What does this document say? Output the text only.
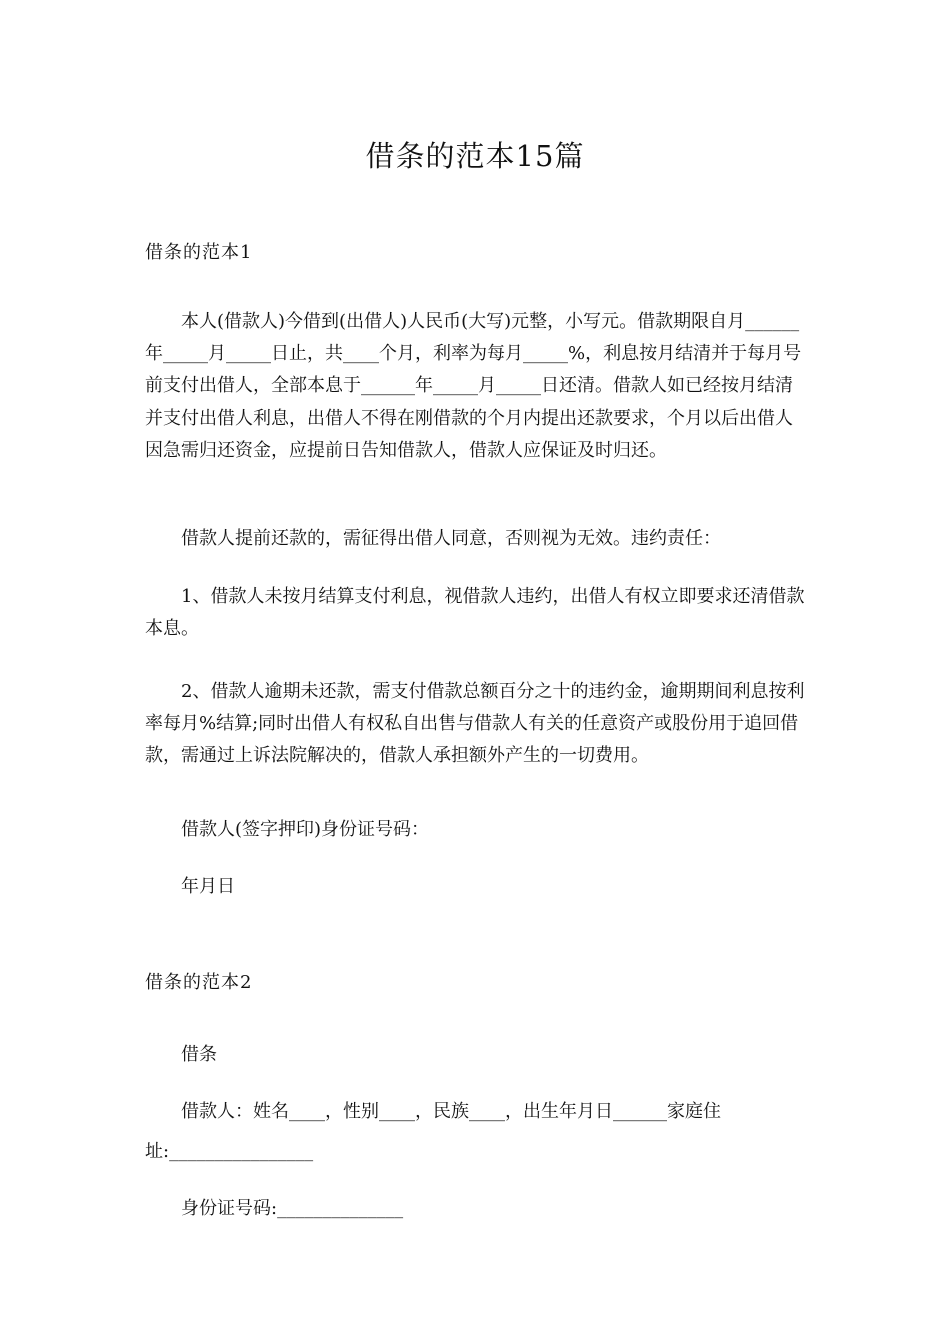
借条的范本15篇
借条的范本1

本人(借款人)今借到(出借人)人民币(大写)元整，小写元。借款期限自月______年_____月_____日止，共____个月，利率为每月_____%，利息按月结清并于每月号前支付出借人，全部本息于______年_____月_____日还清。借款人如已经按月结清并支付出借人利息，出借人不得在刚借款的个月内提出还款要求，个月以后出借人因急需归还资金，应提前日告知借款人，借款人应保证及时归还。

借款人提前还款的，需征得出借人同意，否则视为无效。违约责任：

1、借款人未按月结算支付利息，视借款人违约，出借人有权立即要求还清借款本息。

2、借款人逾期未还款，需支付借款总额百分之十的违约金，逾期期间利息按利率每月%结算;同时出借人有权私自出售与借款人有关的任意资产或股份用于追回借款，需通过上诉法院解决的，借款人承担额外产生的一切费用。

借款人(签字押印)身份证号码：

年月日

借条的范本2

借条

借款人：姓名____，性别____，民族____，出生年月日______家庭住

址:________________

身份证号码:______________
